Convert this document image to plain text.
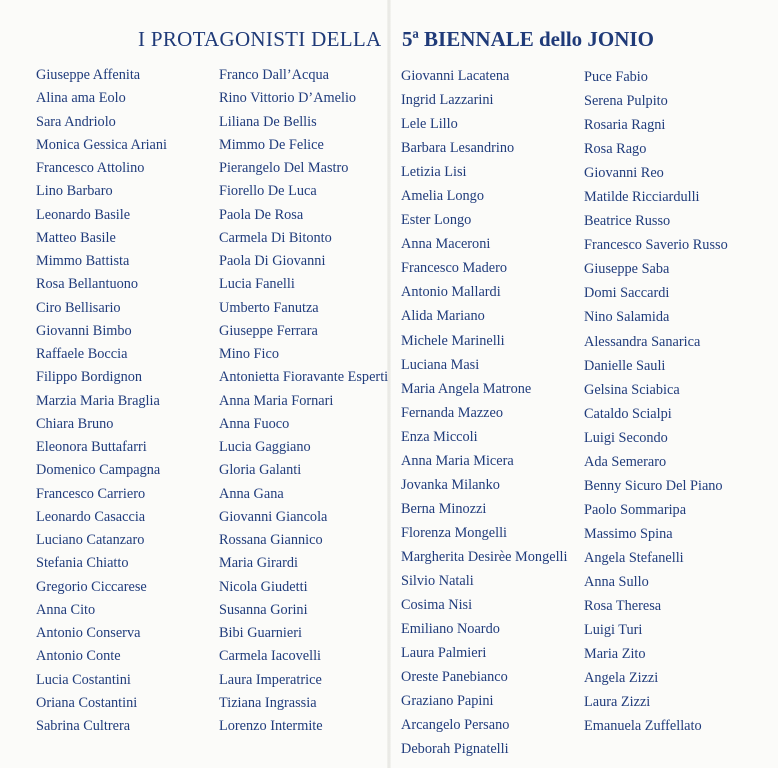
I PROTAGONISTI DELLA 5ª BIENNALE dello JONIO
Giuseppe Affenita
Alina ama Eolo
Sara Andriolo
Monica Gessica Ariani
Francesco Attolino
Lino Barbaro
Leonardo Basile
Matteo Basile
Mimmo Battista
Rosa Bellantuono
Ciro Bellisario
Giovanni Bimbo
Raffaele Boccia
Filippo Bordignon
Marzia Maria Braglia
Chiara Bruno
Eleonora Buttafarri
Domenico Campagna
Francesco Carriero
Leonardo Casaccia
Luciano Catanzaro
Stefania Chiatto
Gregorio Ciccarese
Anna Cito
Antonio Conserva
Antonio Conte
Lucia Costantini
Oriana Costantini
Sabrina Cultrera
Franco Dall’Acqua
Rino Vittorio D’Amelio
Liliana De Bellis
Mimmo De Felice
Pierangelo Del Mastro
Fiorello De Luca
Paola De Rosa
Carmela Di Bitonto
Paola Di Giovanni
Lucia Fanelli
Umberto Fanutza
Giuseppe Ferrara
Mino Fico
Antonietta Fioravante Esperti
Anna Maria Fornari
Anna Fuoco
Lucia Gaggiano
Gloria Galanti
Anna Gana
Giovanni Giancola
Rossana Giannico
Maria Girardi
Nicola Giudetti
Susanna Gorini
Bibi Guarnieri
Carmela Iacovelli
Laura Imperatrice
Tiziana Ingrassia
Lorenzo Intermite
Giovanni Lacatena
Ingrid Lazzarini
Lele Lillo
Barbara Lesandrino
Letizia Lisi
Amelia Longo
Ester Longo
Anna Maceroni
Francesco Madero
Antonio Mallardi
Alida Mariano
Michele Marinelli
Luciana Masi
Maria Angela Matrone
Fernanda Mazzeo
Enza Miccoli
Anna Maria Micera
Jovanka Milanko
Berna Minozzi
Florenza Mongelli
Margherita Desirèe Mongelli
Silvio Natali
Cosima Nisi
Emiliano Noardo
Laura Palmieri
Oreste Panebianco
Graziano Papini
Arcangelo Persano
Deborah Pignatelli
Puce Fabio
Serena Pulpito
Rosaria Ragni
Rosa Rago
Giovanni Reo
Matilde Ricciardulli
Beatrice Russo
Francesco Saverio Russo
Giuseppe Saba
Domi Saccardi
Nino Salamida
Alessandra Sanarica
Danielle Sauli
Gelsina Sciabica
Cataldo Scialpi
Luigi Secondo
Ada Semeraro
Benny Sicuro Del Piano
Paolo Sommaripa
Massimo Spina
Angela Stefanelli
Anna Sullo
Rosa Theresa
Luigi Turi
Maria Zito
Angela Zizzi
Laura Zizzi
Emanuela Zuffellato
